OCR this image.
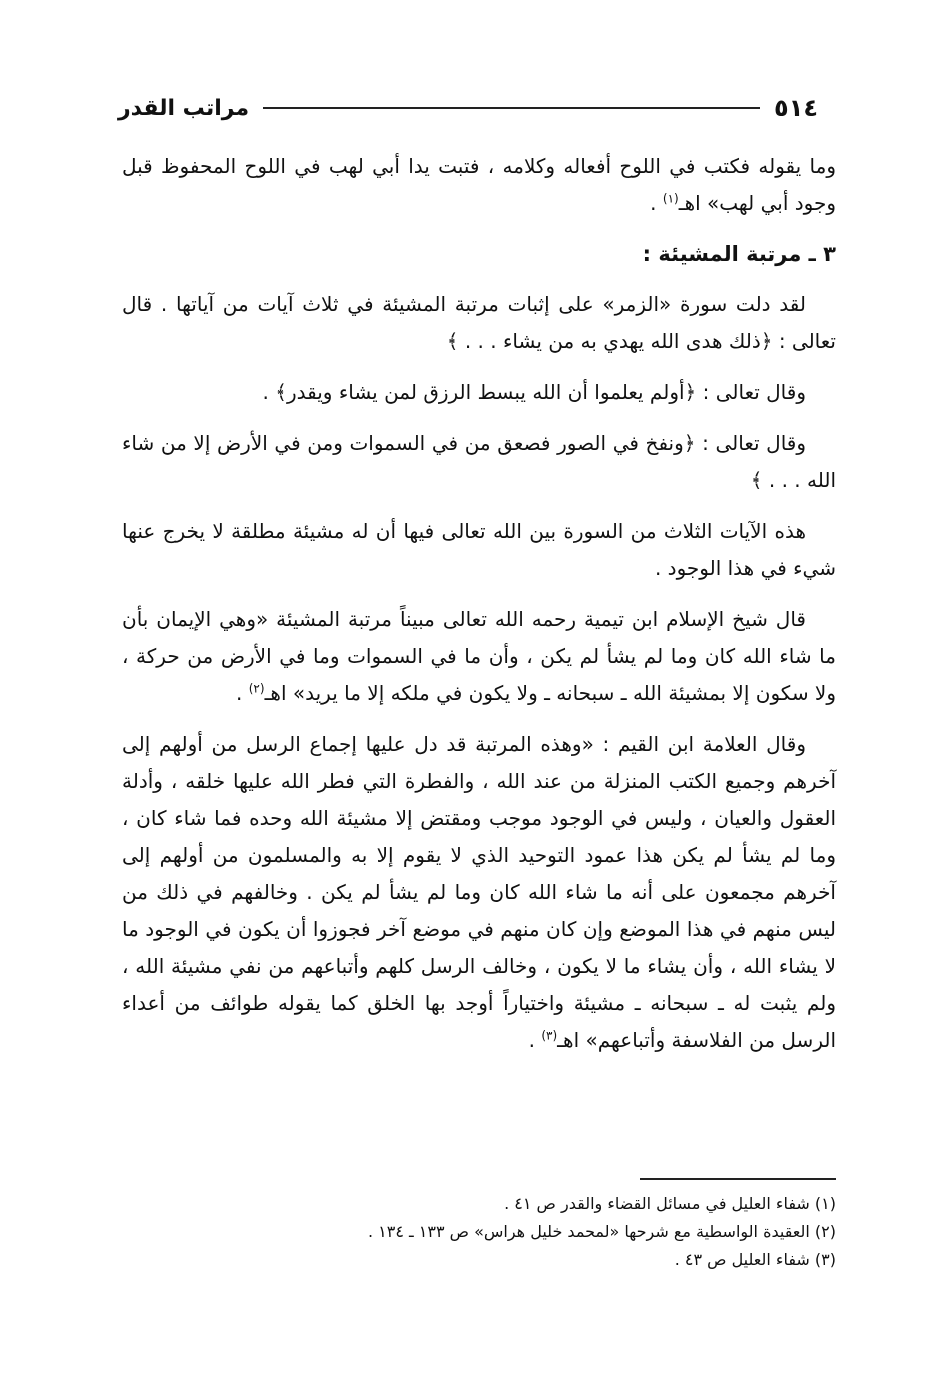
٥١٤
مراتب القدر

وما يقوله فكتب في اللوح أفعاله وكلامه ، فتبت يدا أبي لهب في اللوح المحفوظ قبل وجود أبي لهب» اهـ$^{(١)}$ .

٣ ـ مرتبة المشيئة :

لقد دلت سورة «الزمر» على إثبات مرتبة المشيئة في ثلاث آيات من آياتها . قال تعالى : ﴿ذلك هدى الله يهدي به من يشاء . . . ﴾

وقال تعالى : ﴿أولم يعلموا أن الله يبسط الرزق لمن يشاء ويقدر﴾ .

وقال تعالى : ﴿ونفخ في الصور فصعق من في السموات ومن في الأرض إلا من شاء الله . . . ﴾

هذه الآيات الثلاث من السورة بين الله تعالى فيها أن له مشيئة مطلقة لا يخرج عنها شيء في هذا الوجود .

قال شيخ الإسلام ابن تيمية رحمه الله تعالى مبيناً مرتبة المشيئة «وهي الإيمان بأن ما شاء الله كان وما لم يشأ لم يكن ، وأن ما في السموات وما في الأرض من حركة ، ولا سكون إلا بمشيئة الله ـ سبحانه ـ ولا يكون في ملكه إلا ما يريد» اهـ$^{(٢)}$ .

وقال العلامة ابن القيم : «وهذه المرتبة قد دل عليها إجماع الرسل من أولهم إلى آخرهم وجميع الكتب المنزلة من عند الله ، والفطرة التي فطر الله عليها خلقه ، وأدلة العقول والعيان ، وليس في الوجود موجب ومقتض إلا مشيئة الله وحده فما شاء كان ، وما لم يشأ لم يكن هذا عمود التوحيد الذي لا يقوم إلا به والمسلمون من أولهم إلى آخرهم مجمعون على أنه ما شاء الله كان وما لم يشأ لم يكن . وخالفهم في ذلك من ليس منهم في هذا الموضع وإن كان منهم في موضع آخر فجوزوا أن يكون في الوجود ما لا يشاء الله ، وأن يشاء ما لا يكون ، وخالف الرسل كلهم وأتباعهم من نفي مشيئة الله ، ولم يثبت له ـ سبحانه ـ مشيئة واختياراً أوجد بها الخلق كما يقوله طوائف من أعداء الرسل من الفلاسفة وأتباعهم» اهـ$^{(٣)}$ .

(١) شفاء العليل في مسائل القضاء والقدر ص ٤١ .
(٢) العقيدة الواسطية مع شرحها «لمحمد خليل هراس» ص ١٣٣ ـ ١٣٤ .
(٣) شفاء العليل ص ٤٣ .
